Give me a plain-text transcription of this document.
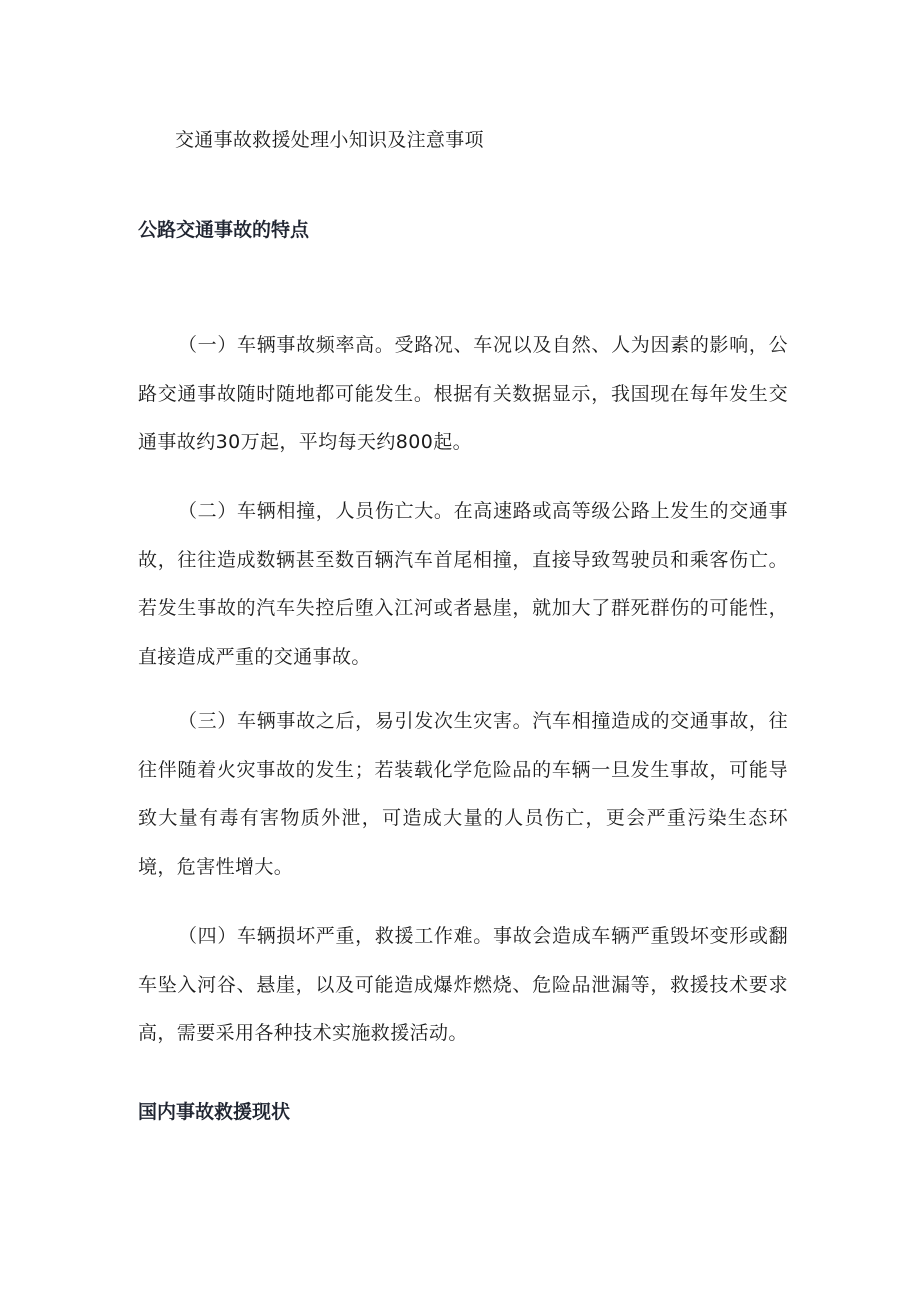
交通事故救援处理小知识及注意事项
公路交通事故的特点

（一）车辆事故频率高。受路况、车况以及自然、人为因素的影响，公路交通事故随时随地都可能发生。根据有关数据显示，我国现在每年发生交通事故约30万起，平均每天约800起。

（二）车辆相撞，人员伤亡大。在高速路或高等级公路上发生的交通事故，往往造成数辆甚至数百辆汽车首尾相撞，直接导致驾驶员和乘客伤亡。若发生事故的汽车失控后堕入江河或者悬崖，就加大了群死群伤的可能性，直接造成严重的交通事故。

（三）车辆事故之后，易引发次生灾害。汽车相撞造成的交通事故，往往伴随着火灾事故的发生；若装载化学危险品的车辆一旦发生事故，可能导致大量有毒有害物质外泄，可造成大量的人员伤亡，更会严重污染生态环境，危害性增大。

（四）车辆损坏严重，救援工作难。事故会造成车辆严重毁坏变形或翻车坠入河谷、悬崖，以及可能造成爆炸燃烧、危险品泄漏等，救援技术要求高，需要采用各种技术实施救援活动。

国内事故救援现状
